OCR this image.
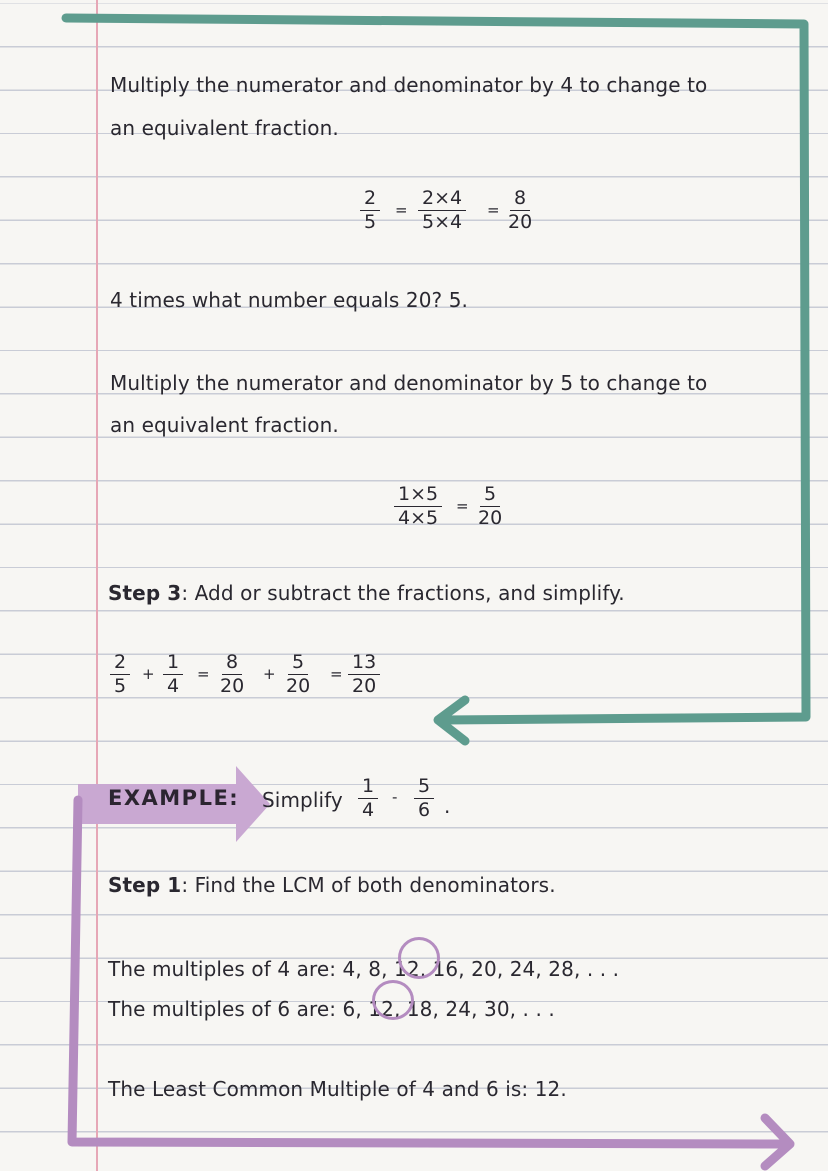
Multiply the numerator and denominator by 4 to change to
an equivalent fraction.
$\frac{2}{5} = \frac{2\times 4}{5\times 4} = \frac{8}{20}$
4 times what number equals 20? 5.
Multiply the numerator and denominator by 5 to change to
an equivalent fraction.
$\frac{1\times 5}{4\times 5} = \frac{5}{20}$
Step 3: Add or subtract the fractions, and simplify.
$\frac{2}{5} + \frac{1}{4} = \frac{8}{20} + \frac{5}{20} = \frac{13}{20}$
EXAMPLE: Simplify $\frac{1}{4} - \frac{5}{6}$ .
Step 1: Find the LCM of both denominators.
The multiples of 4 are: 4, 8, 12, 16, 20, 24, 28, . . .
The multiples of 6 are: 6, 12, 18, 24, 30, . . .
The Least Common Multiple of 4 and 6 is: 12.
